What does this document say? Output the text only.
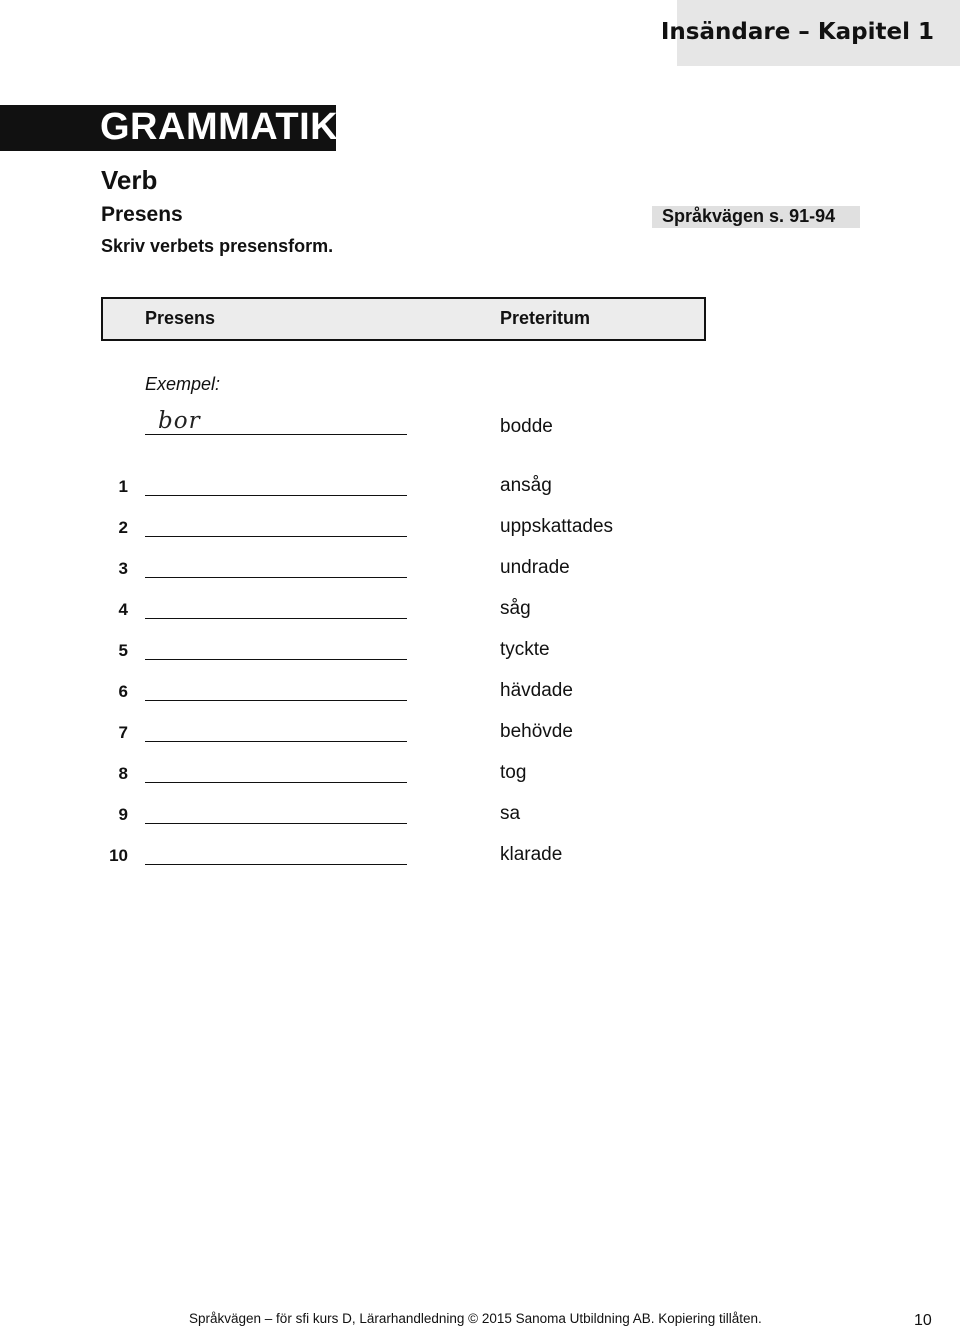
Insändare – Kapitel 1
GRAMMATIK
Verb
Presens
Skriv verbets presensform.
Språkvägen s. 91-94
Presens	Preteritum
Exempel:
bor	bodde
1	ansåg
2	uppskattades
3	undrade
4	såg
5	tyckte
6	hävdade
7	behövde
8	tog
9	sa
10	klarade
Språkvägen – för sfi kurs D, Lärarhandledning © 2015 Sanoma Utbildning AB. Kopiering tillåten.	10
